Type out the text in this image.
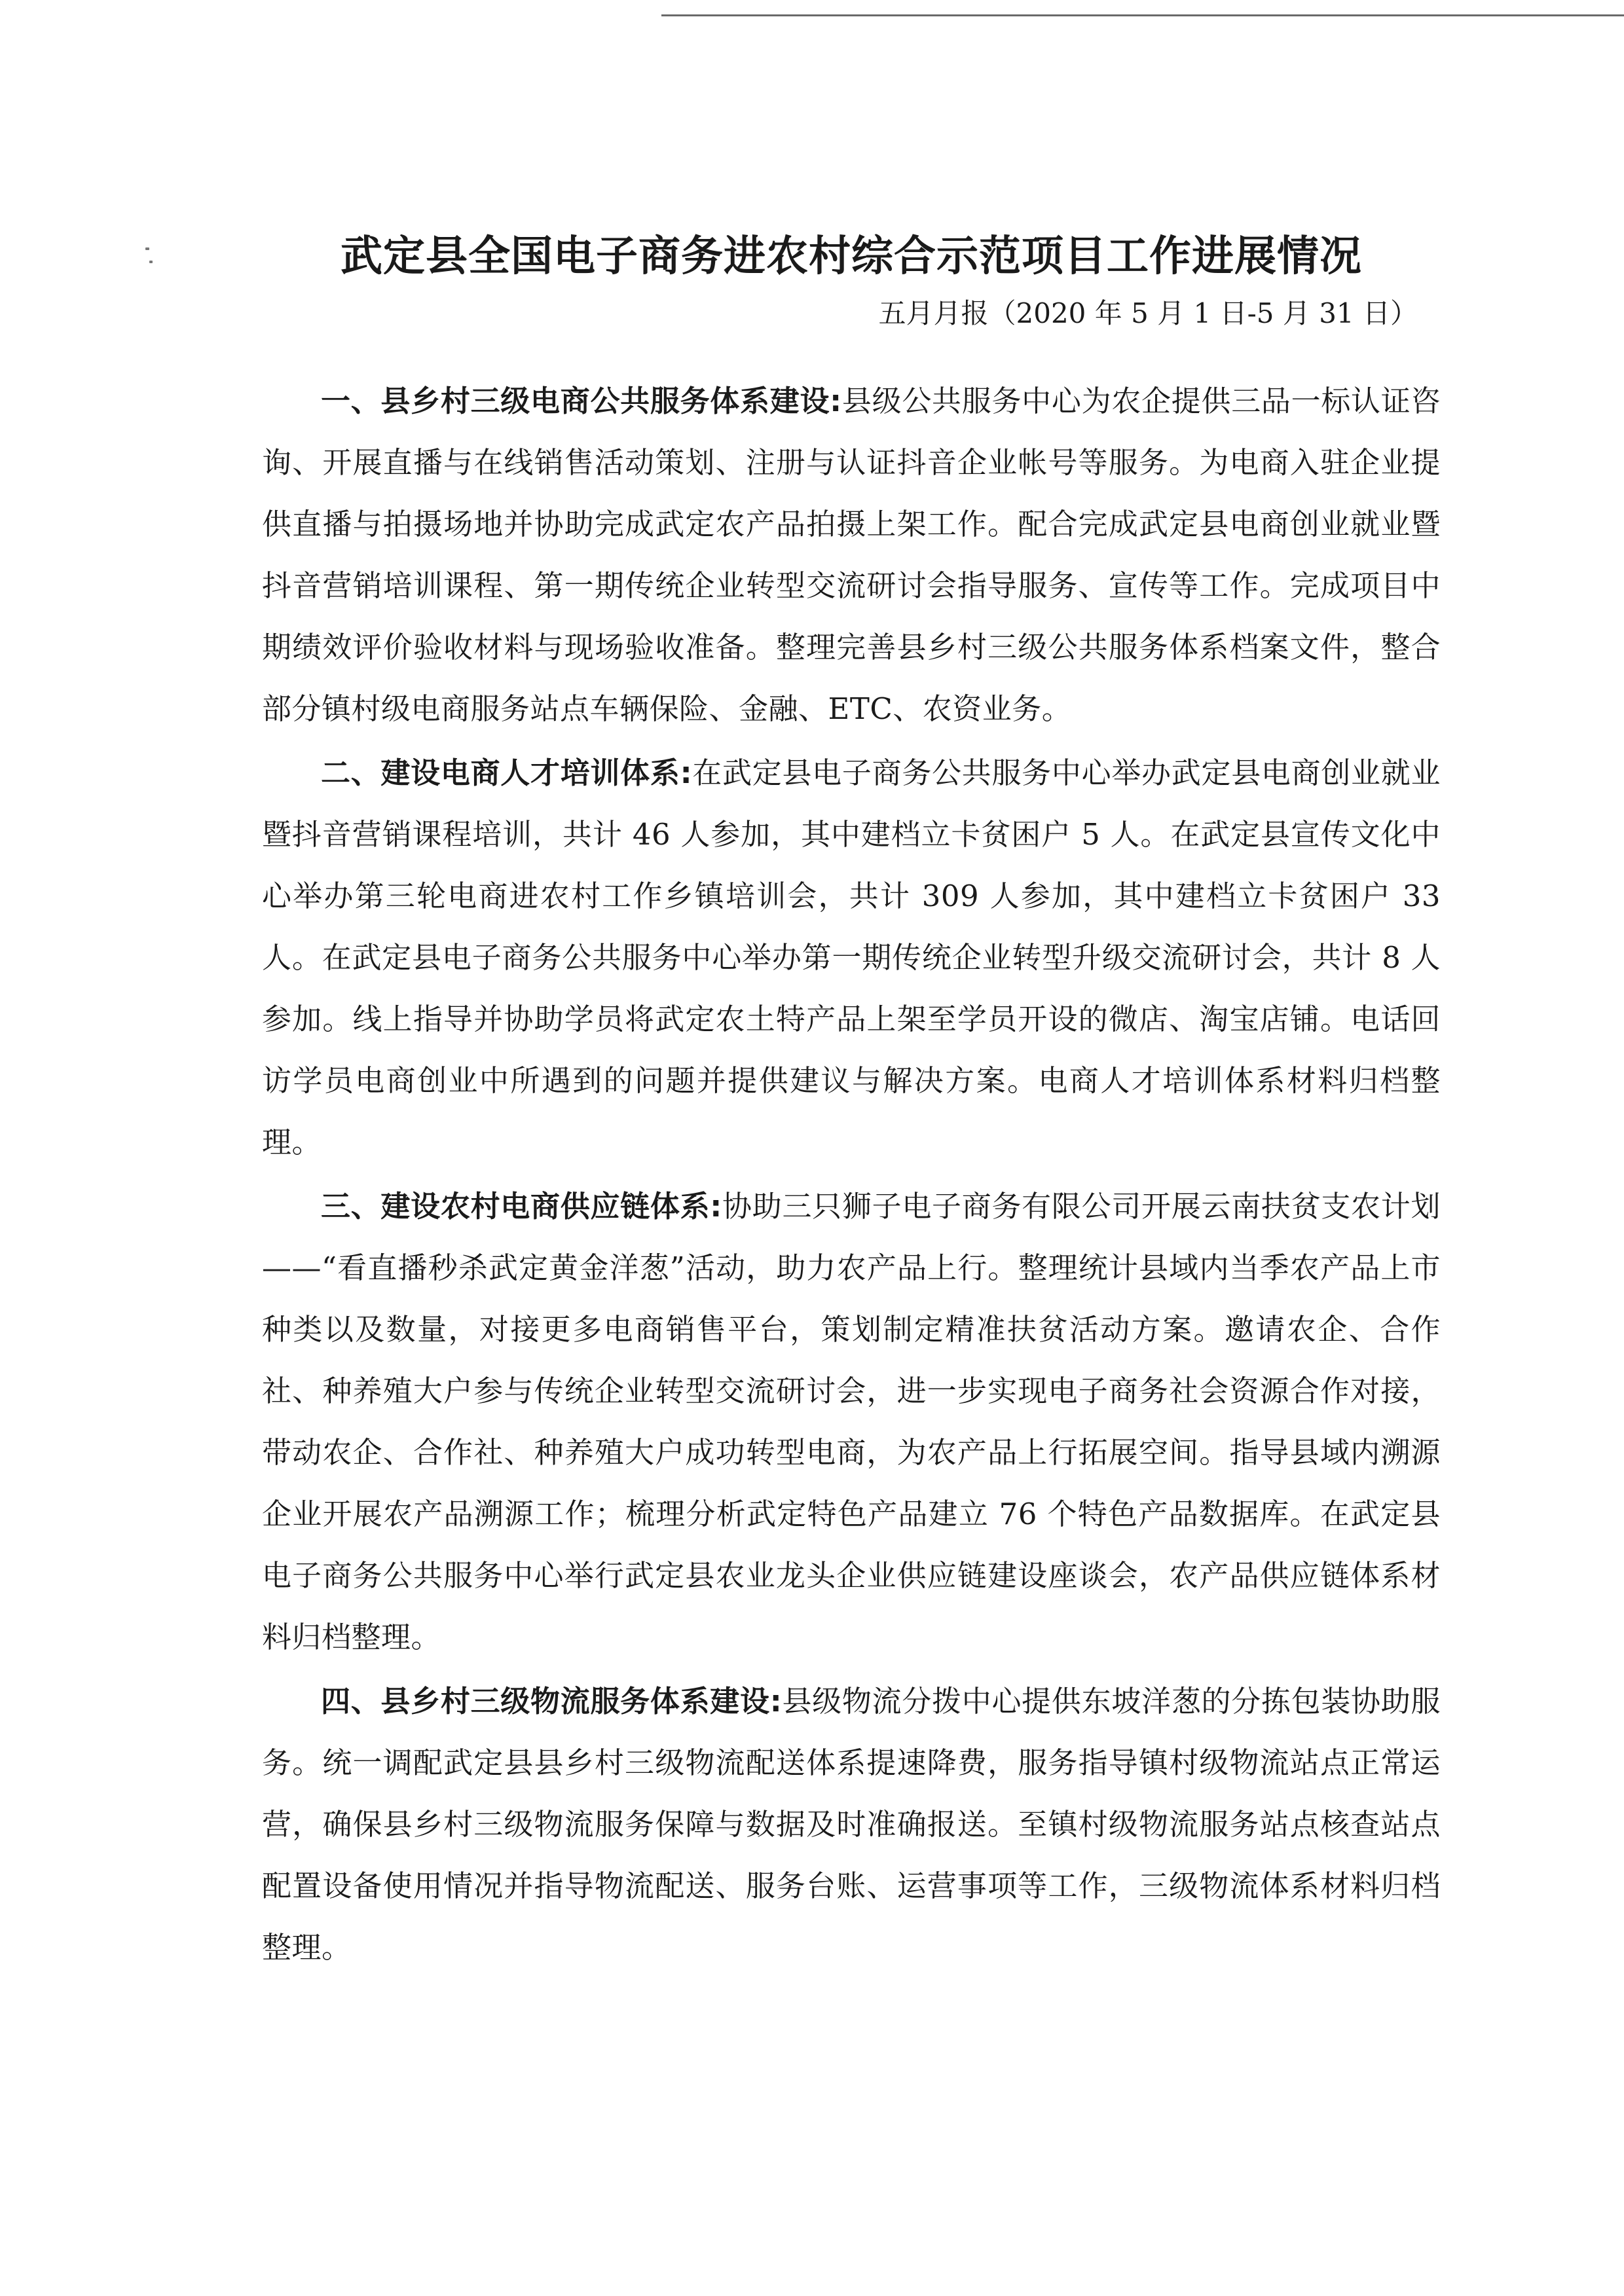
武定县全国电子商务进农村综合示范项目工作进展情况
五月月报（2020 年 5 月 1 日-5 月 31 日）

一、县乡村三级电商公共服务体系建设:县级公共服务中心为农企提供三品一标认证咨询、开展直播与在线销售活动策划、注册与认证抖音企业帐号等服务。为电商入驻企业提供直播与拍摄场地并协助完成武定农产品拍摄上架工作。配合完成武定县电商创业就业暨抖音营销培训课程、第一期传统企业转型交流研讨会指导服务、宣传等工作。完成项目中期绩效评价验收材料与现场验收准备。整理完善县乡村三级公共服务体系档案文件，整合部分镇村级电商服务站点车辆保险、金融、ETC、农资业务。

二、建设电商人才培训体系:在武定县电子商务公共服务中心举办武定县电商创业就业暨抖音营销课程培训，共计 46 人参加，其中建档立卡贫困户 5 人。在武定县宣传文化中心举办第三轮电商进农村工作乡镇培训会，共计 309 人参加，其中建档立卡贫困户 33 人。在武定县电子商务公共服务中心举办第一期传统企业转型升级交流研讨会，共计 8 人参加。线上指导并协助学员将武定农土特产品上架至学员开设的微店、淘宝店铺。电话回访学员电商创业中所遇到的问题并提供建议与解决方案。电商人才培训体系材料归档整理。

三、建设农村电商供应链体系:协助三只狮子电子商务有限公司开展云南扶贫支农计划——“看直播秒杀武定黄金洋葱”活动，助力农产品上行。整理统计县域内当季农产品上市种类以及数量，对接更多电商销售平台，策划制定精准扶贫活动方案。邀请农企、合作社、种养殖大户参与传统企业转型交流研讨会，进一步实现电子商务社会资源合作对接，带动农企、合作社、种养殖大户成功转型电商，为农产品上行拓展空间。指导县域内溯源企业开展农产品溯源工作；梳理分析武定特色产品建立 76 个特色产品数据库。在武定县电子商务公共服务中心举行武定县农业龙头企业供应链建设座谈会，农产品供应链体系材料归档整理。

四、县乡村三级物流服务体系建设:县级物流分拨中心提供东坡洋葱的分拣包装协助服务。统一调配武定县县乡村三级物流配送体系提速降费，服务指导镇村级物流站点正常运营，确保县乡村三级物流服务保障与数据及时准确报送。至镇村级物流服务站点核查站点配置设备使用情况并指导物流配送、服务台账、运营事项等工作，三级物流体系材料归档整理。
